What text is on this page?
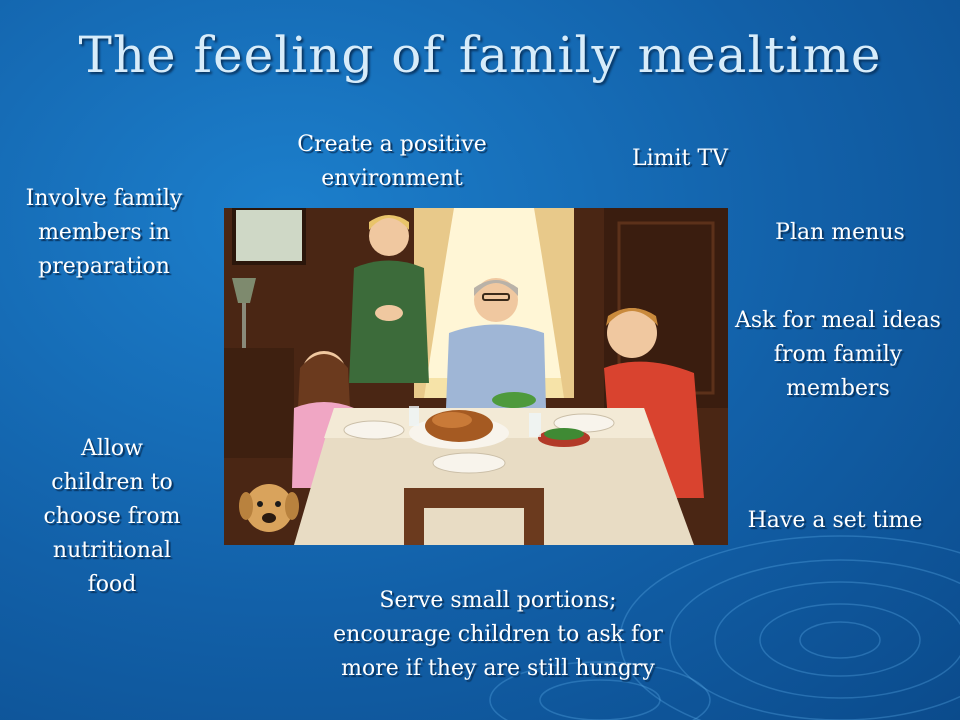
The feeling of family mealtime
Involve family members in preparation
Create a positive environment
Limit TV
Plan menus
Ask for meal ideas from family members
Allow children to choose from nutritional food
Have a set time
Serve small portions; encourage children to ask for more if they are still hungry
